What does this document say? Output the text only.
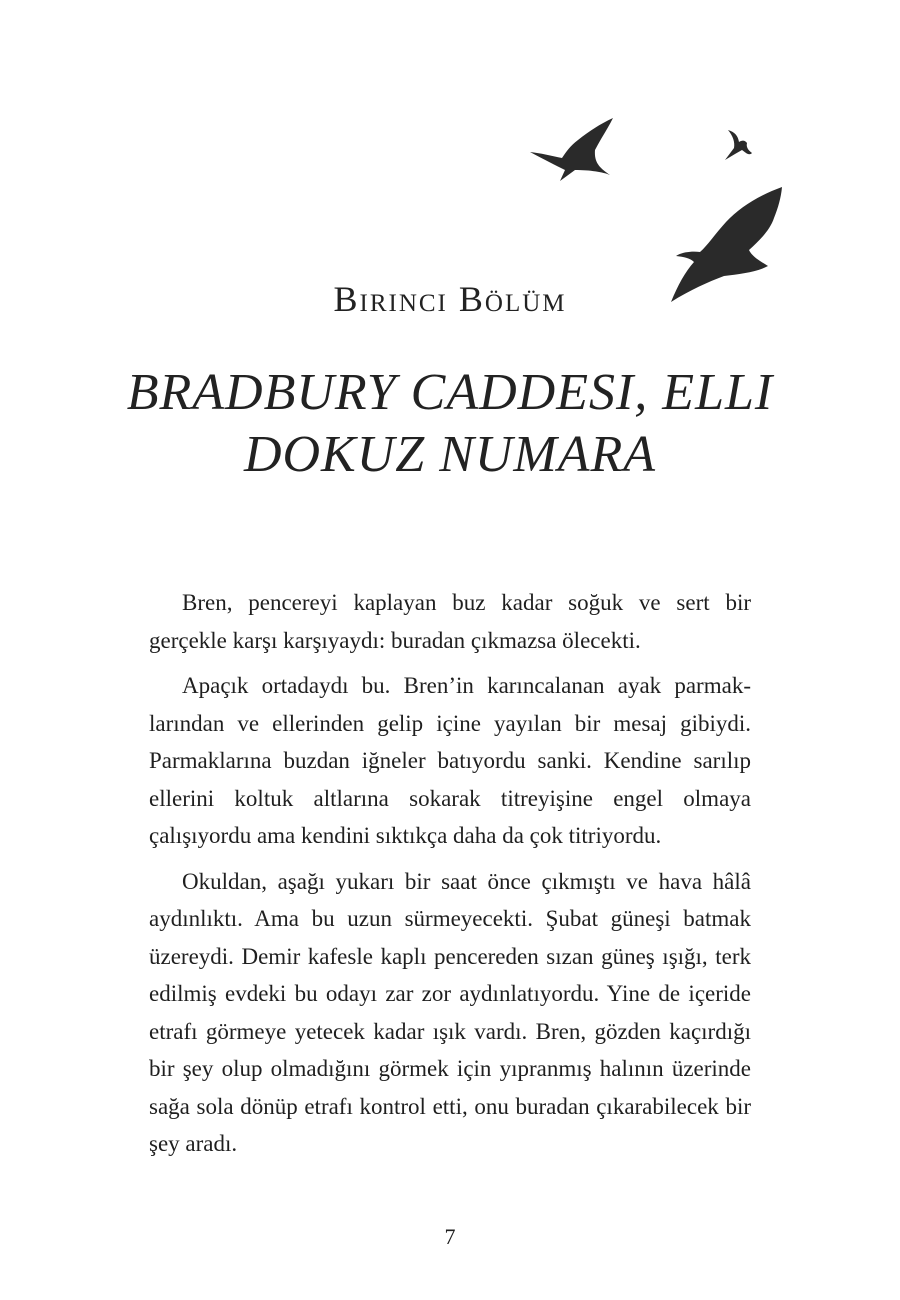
Birinci Bölüm
BRADBURY CADDESI, ELLI DOKUZ NUMARA

Bren, pencereyi kaplayan buz kadar soğuk ve sert bir gerçekle karşı karşıyaydı: buradan çıkmazsa ölecekti.

Apaçık ortadaydı bu. Bren’in karıncalanan ayak parmaklarından ve ellerinden gelip içine yayılan bir mesaj gibiydi. Parmaklarına buzdan iğneler batıyordu sanki. Kendine sarılıp ellerini koltuk altlarına sokarak titreyişine engel olmaya çalışıyordu ama kendini sıktıkça daha da çok titriyordu.

Okuldan, aşağı yukarı bir saat önce çıkmıştı ve hava hâlâ aydınlıktı. Ama bu uzun sürmeyecekti. Şubat güneşi batmak üzereydi. Demir kafesle kaplı pencereden sızan güneş ışığı, terk edilmiş evdeki bu odayı zar zor aydınlatıyordu. Yine de içeride etrafı görmeye yetecek kadar ışık vardı. Bren, gözden kaçırdığı bir şey olup olmadığını görmek için yıpranmış halının üzerinde sağa sola dönüp etrafı kontrol etti, onu buradan çıkarabilecek bir şey aradı.

7
